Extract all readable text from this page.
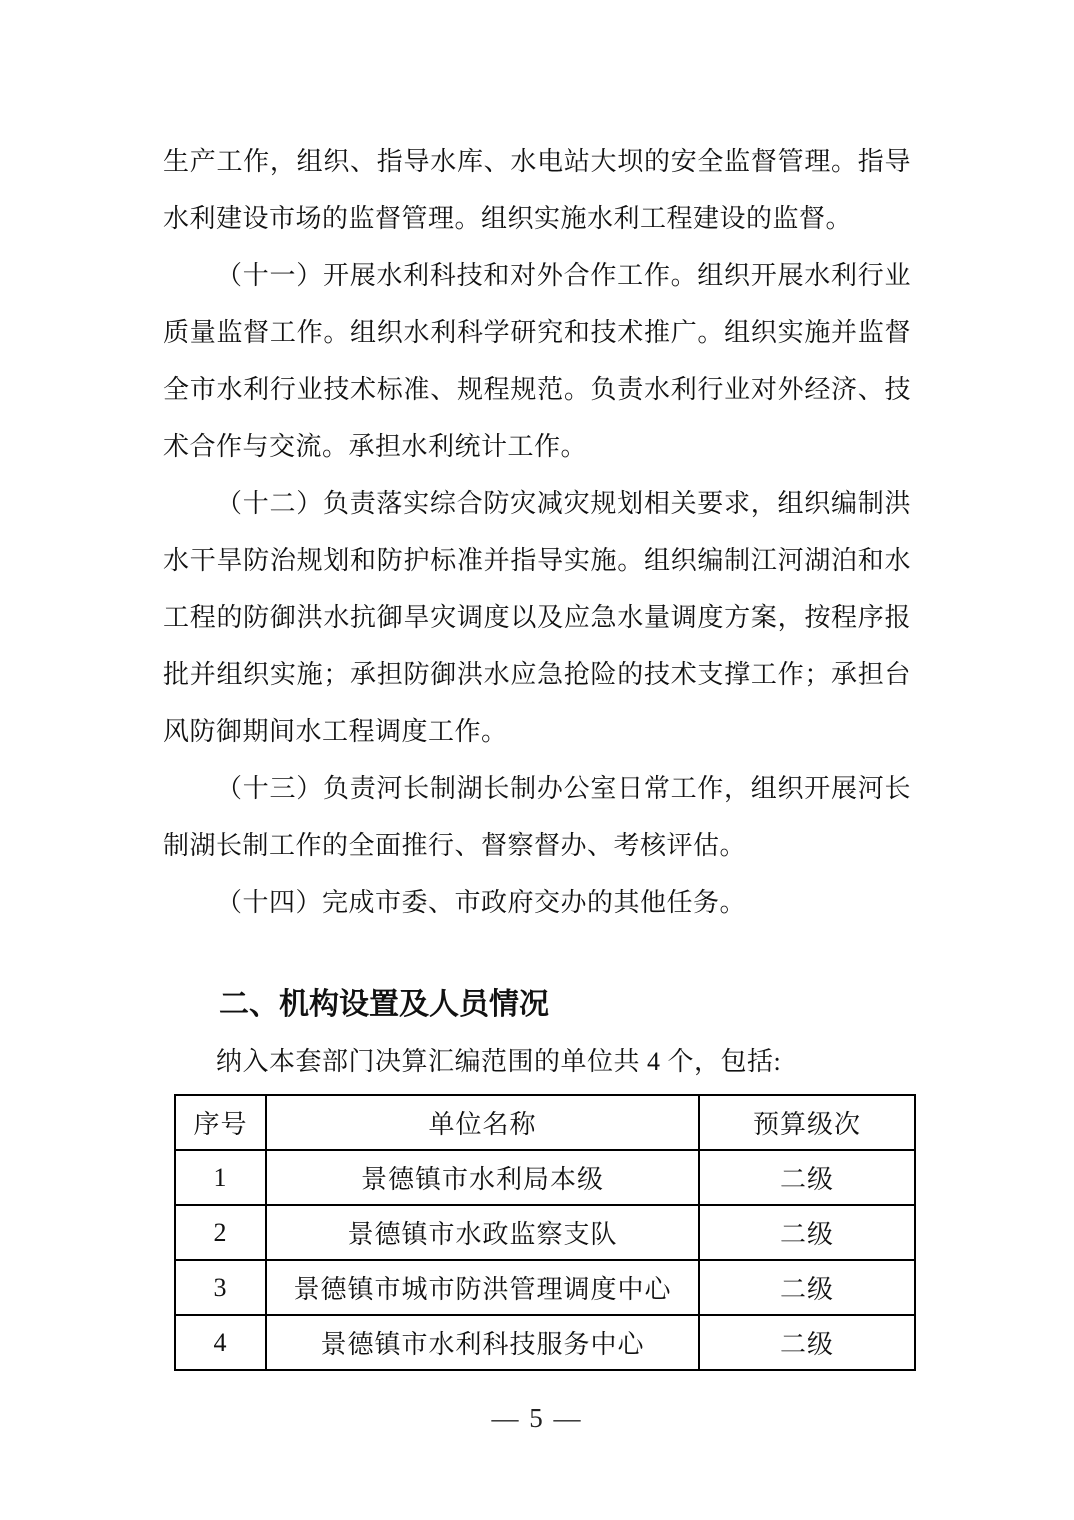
生产工作，组织、指导水库、水电站大坝的安全监督管理。指导水利建设市场的监督管理。组织实施水利工程建设的监督。

（十一）开展水利科技和对外合作工作。组织开展水利行业质量监督工作。组织水利科学研究和技术推广。组织实施并监督全市水利行业技术标准、规程规范。负责水利行业对外经济、技术合作与交流。承担水利统计工作。

（十二）负责落实综合防灾减灾规划相关要求，组织编制洪水干旱防治规划和防护标准并指导实施。组织编制江河湖泊和水工程的防御洪水抗御旱灾调度以及应急水量调度方案，按程序报批并组织实施；承担防御洪水应急抢险的技术支撑工作；承担台风防御期间水工程调度工作。

（十三）负责河长制湖长制办公室日常工作，组织开展河长制湖长制工作的全面推行、督察督办、考核评估。

（十四）完成市委、市政府交办的其他任务。

二、机构设置及人员情况

纳入本套部门决算汇编范围的单位共 4 个，包括:

序号	单位名称	预算级次
1	景德镇市水利局本级	二级
2	景德镇市水政监察支队	二级
3	景德镇市城市防洪管理调度中心	二级
4	景德镇市水利科技服务中心	二级
— 5 —
